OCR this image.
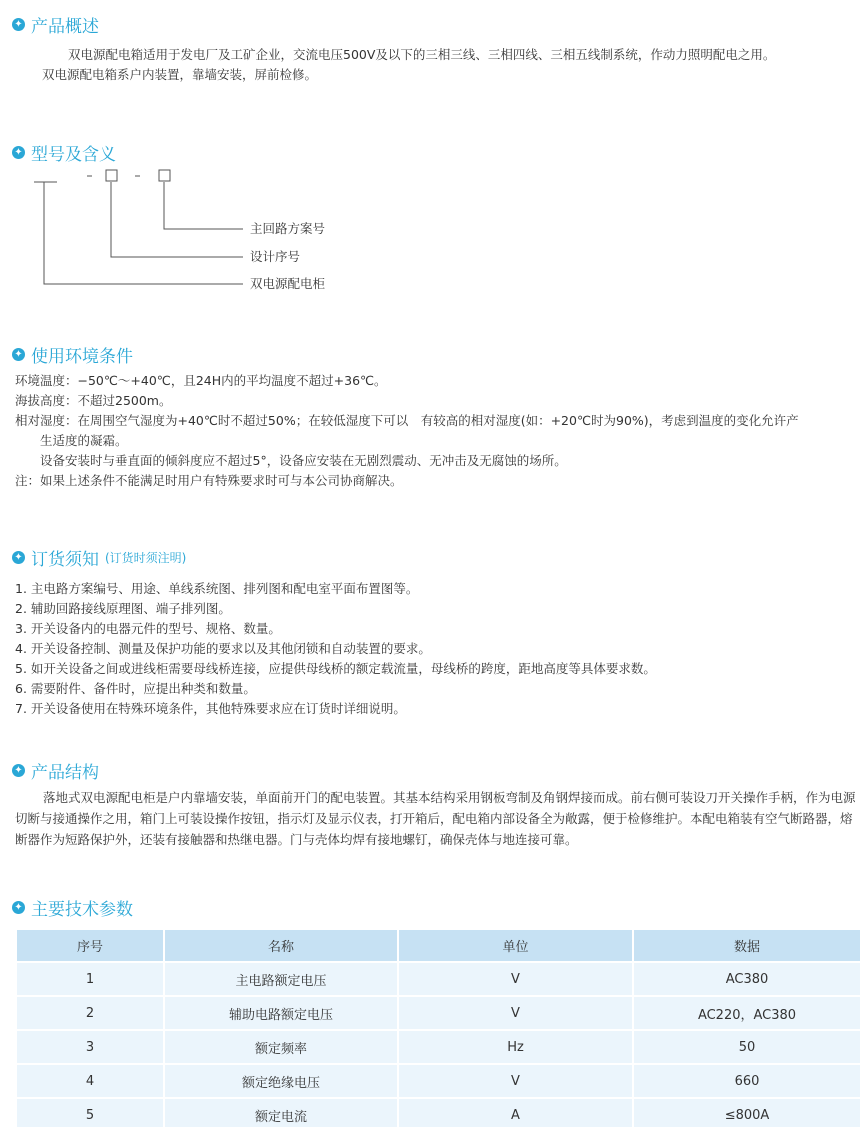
✦ 产品概述
双电源配电箱适用于发电厂及工矿企业，交流电压500V及以下的三相三线、三相四线、三相五线制系统，作动力照明配电之用。
双电源配电箱系户内装置，靠墙安装，屏前检修。
✦ 型号及含义
主回路方案号
设计序号
双电源配电柜
✦ 使用环境条件
环境温度：−50℃～+40℃，且24H内的平均温度不超过+36℃。
海拔高度：不超过2500m。
相对湿度：在周围空气湿度为+40℃时不超过50%；在较低湿度下可以　有较高的相对湿度(如：+20℃时为90%)，考虑到温度的变化允许产
生适度的凝霜。
设备安装时与垂直面的倾斜度应不超过5°，设备应安装在无剧烈震动、无冲击及无腐蚀的场所。
注：如果上述条件不能满足时用户有特殊要求时可与本公司协商解决。
✦ 订货须知 (订货时须注明)
1. 主电路方案编号、用途、单线系统图、排列图和配电室平面布置图等。
2. 辅助回路接线原理图、端子排列图。
3. 开关设备内的电器元件的型号、规格、数量。
4. 开关设备控制、测量及保护功能的要求以及其他闭锁和自动装置的要求。
5. 如开关设备之间或进线柜需要母线桥连接，应提供母线桥的额定载流量，母线桥的跨度，距地高度等具体要求数。
6. 需要附件、备件时，应提出种类和数量。
7. 开关设备使用在特殊环境条件，其他特殊要求应在订货时详细说明。
✦ 产品结构
落地式双电源配电柜是户内靠墙安装，单面前开门的配电装置。其基本结构采用钢板弯制及角钢焊接而成。前右侧可装设刀开关操作手柄，作为电源切断与接通操作之用，箱门上可装设操作按钮，指示灯及显示仪表，打开箱后，配电箱内部设备全为敞露，便于检修维护。本配电箱装有空气断路器，熔断器作为短路保护外，还装有接触器和热继电器。门与壳体均焊有接地螺钉，确保壳体与地连接可靠。
✦ 主要技术参数
序号	名称	单位	数据
1	主电路额定电压	V	AC380
2	辅助电路额定电压	V	AC220，AC380
3	额定频率	Hz	50
4	额定绝缘电压	V	660
5	额定电流	A	≤800A
